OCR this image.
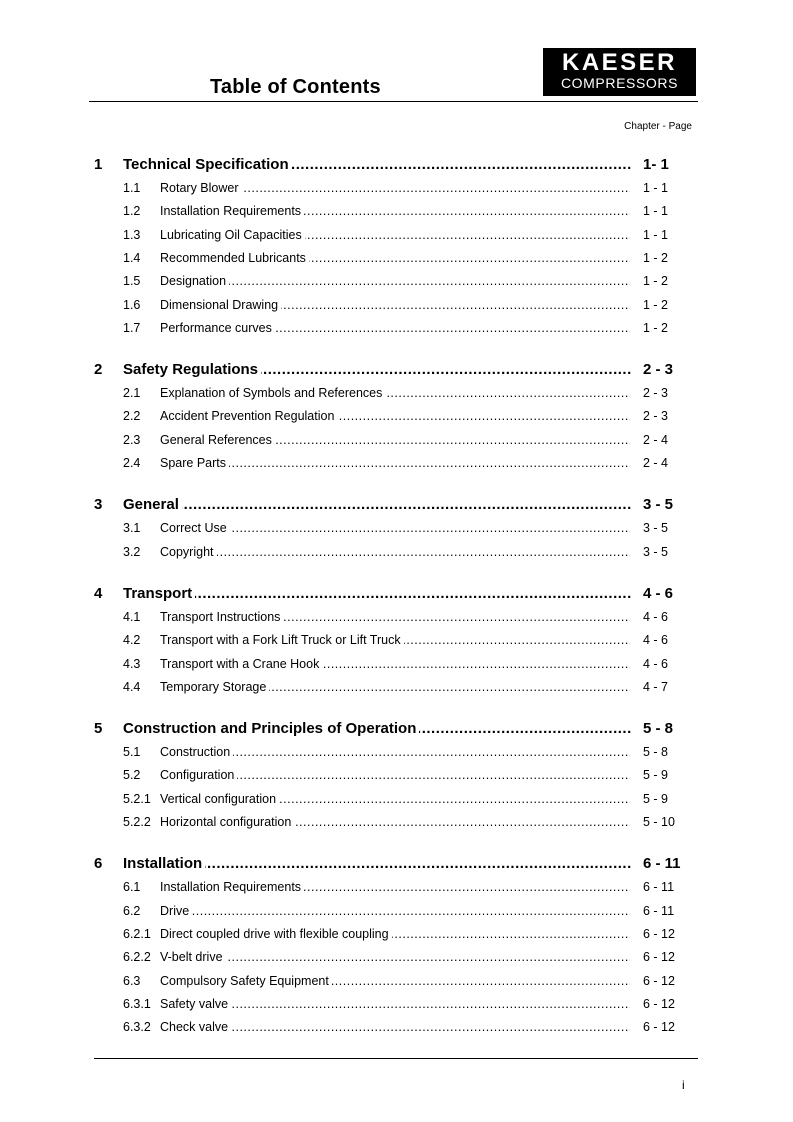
Table of Contents
KAESER
COMPRESSORS
Chapter - Page
1 Technical Specification .....	1- 1
1.1 Rotary Blower .....	1 - 1
1.2 Installation Requirements .....	1 - 1
1.3 Lubricating Oil Capacities .....	1 - 1
1.4 Recommended Lubricants .....	1 - 2
1.5 Designation .....	1 - 2
1.6 Dimensional Drawing .....	1 - 2
1.7 Performance curves .....	1 - 2
2 Safety Regulations .....	2 - 3
2.1 Explanation of Symbols and References .....	2 - 3
2.2 Accident Prevention Regulation .....	2 - 3
2.3 General References .....	2 - 4
2.4 Spare Parts .....	2 - 4
3 General .....	3 - 5
3.1 Correct Use .....	3 - 5
3.2 Copyright .....	3 - 5
4 Transport .....	4 - 6
4.1 Transport Instructions .....	4 - 6
4.2 Transport with a Fork Lift Truck or Lift Truck .....	4 - 6
4.3 Transport with a Crane Hook .....	4 - 6
4.4 Temporary Storage .....	4 - 7
5 Construction and Principles of Operation .....	5 - 8
5.1 Construction .....	5 - 8
5.2 Configuration .....	5 - 9
5.2.1 Vertical configuration .....	5 - 9
5.2.2 Horizontal configuration .....	5 - 10
6 Installation .....	6 - 11
6.1 Installation Requirements .....	6 - 11
6.2 Drive .....	6 - 11
6.2.1 Direct coupled drive with flexible coupling .....	6 - 12
6.2.2 V-belt drive .....	6 - 12
6.3 Compulsory Safety Equipment .....	6 - 12
6.3.1 Safety valve .....	6 - 12
6.3.2 Check valve .....	6 - 12
i
